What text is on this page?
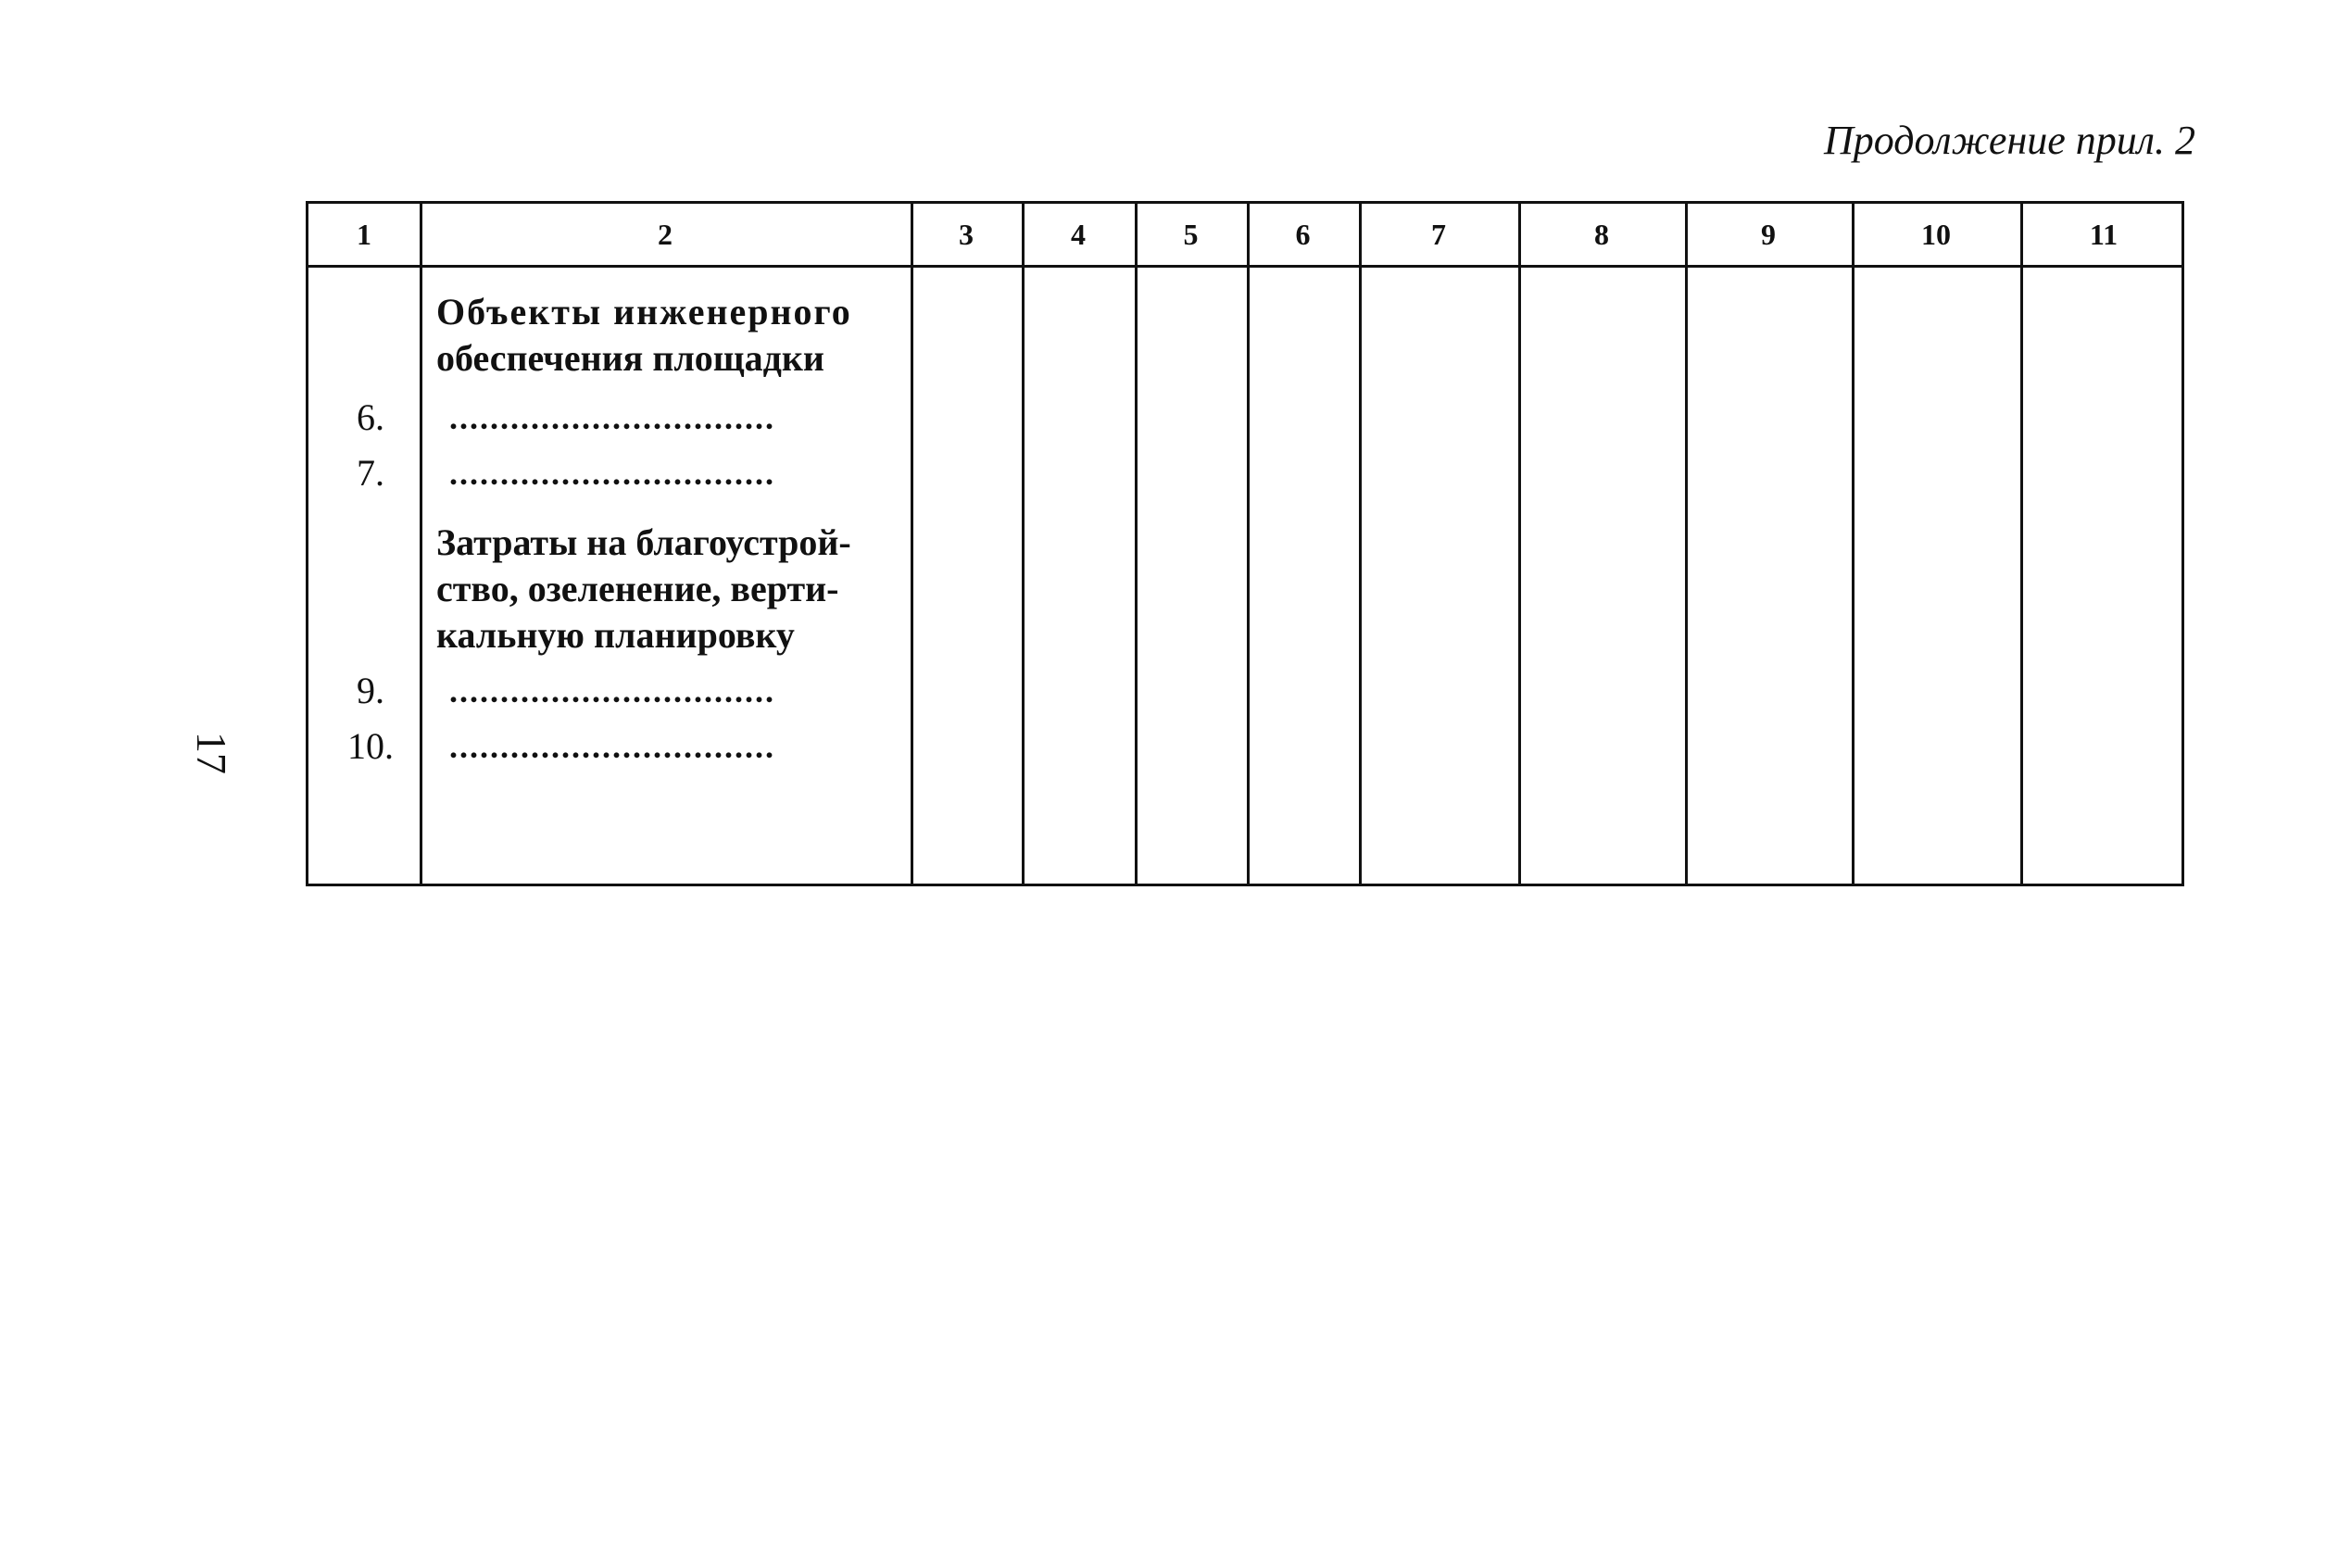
Продолжение прил. 2
17
1	2	3	4	5	6	7	8	9	10	11
Объекты инженерного
обеспечения площадки
6.	................................
7.	................................
Затраты на благоустрой-
ство, озеленение, верти-
кальную планировку
9.	................................
10.	................................
